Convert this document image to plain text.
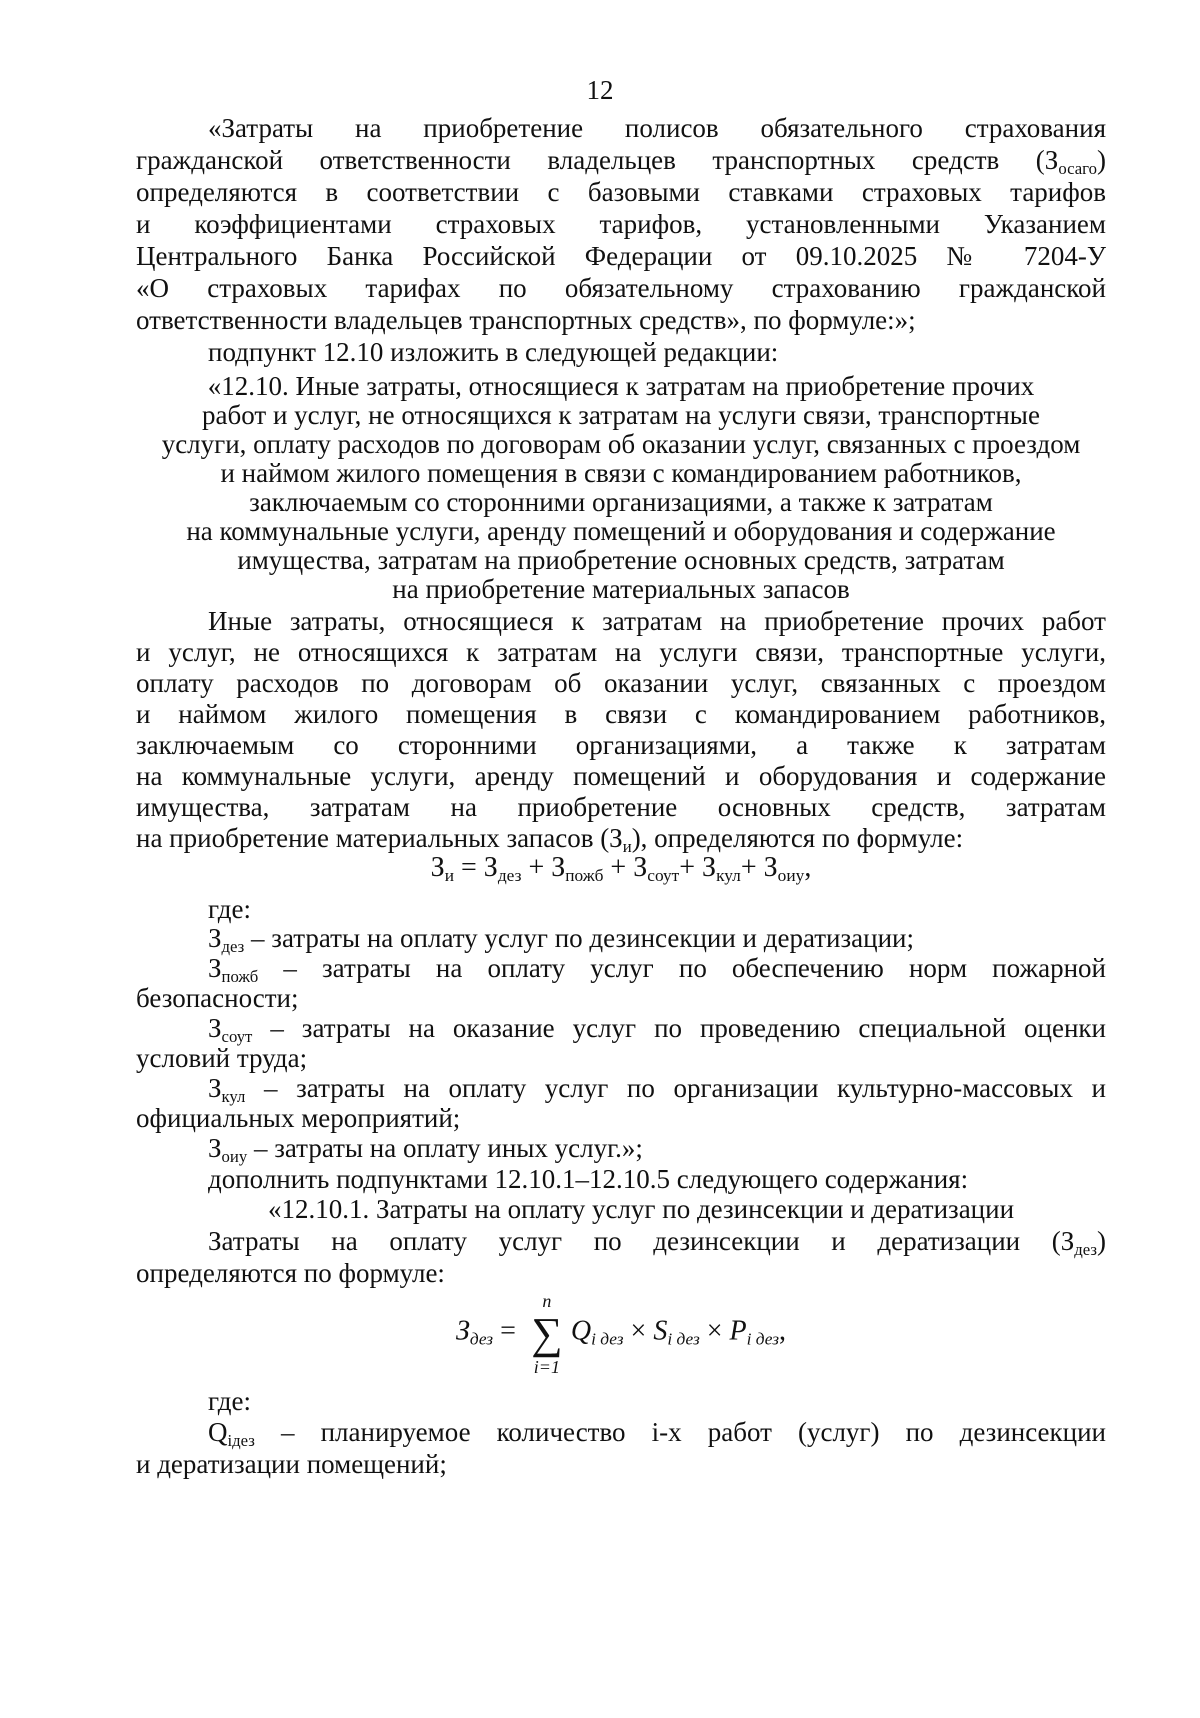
12
«Затраты на приобретение полисов обязательного страхования
гражданской ответственности владельцев транспортных средств $(З_{осаго})$
определяются в соответствии с базовыми ставками страховых тарифов
и коэффициентами страховых тарифов, установленными Указанием
Центрального Банка Российской Федерации от 09.10.2025 № 7204-У
«О страховых тарифах по обязательному страхованию гражданской
ответственности владельцев транспортных средств», по формуле:»;
подпункт 12.10 изложить в следующей редакции:
«12.10. Иные затраты, относящиеся к затратам на приобретение прочих
работ и услуг, не относящихся к затратам на услуги связи, транспортные
услуги, оплату расходов по договорам об оказании услуг, связанных с проездом
и наймом жилого помещения в связи с командированием работников,
заключаемым со сторонними организациями, а также к затратам
на коммунальные услуги, аренду помещений и оборудования и содержание
имущества, затратам на приобретение основных средств, затратам
на приобретение материальных запасов
Иные затраты, относящиеся к затратам на приобретение прочих работ
и услуг, не относящихся к затратам на услуги связи, транспортные услуги,
оплату расходов по договорам об оказании услуг, связанных с проездом
и наймом жилого помещения в связи с командированием работников,
заключаемым со сторонними организациями, а также к затратам
на коммунальные услуги, аренду помещений и оборудования и содержание
имущества, затратам на приобретение основных средств, затратам
на приобретение материальных запасов $(З_и)$, определяются по формуле:
$З_и = З_{дез} + З_{пожб} + З_{соут}+ З_{кул}+ З_{оиу}$,
где:
$З_{дез}$ – затраты на оплату услуг по дезинсекции и дератизации;
$З_{пожб}$ – затраты на оплату услуг по обеспечению норм пожарной
безопасности;
$З_{соут}$ – затраты на оказание услуг по проведению специальной оценки
условий труда;
$З_{кул}$ – затраты на оплату услуг по организации культурно-массовых и
официальных мероприятий;
$З_{оиу}$ – затраты на оплату иных услуг.»;
дополнить подпунктами 12.10.1–12.10.5 следующего содержания:
«12.10.1. Затраты на оплату услуг по дезинсекции и дератизации
Затраты на оплату услуг по дезинсекции и дератизации $(З_{дез})$
определяются по формуле:
$З_{дез}$ =
n
∑
i=1
$Q_{i дез} \times S_{i дез} \times P_{i дез}$,
где:
$Q_{iдез}$ – планируемое количество i-х работ (услуг) по дезинсекции
и дератизации помещений;
